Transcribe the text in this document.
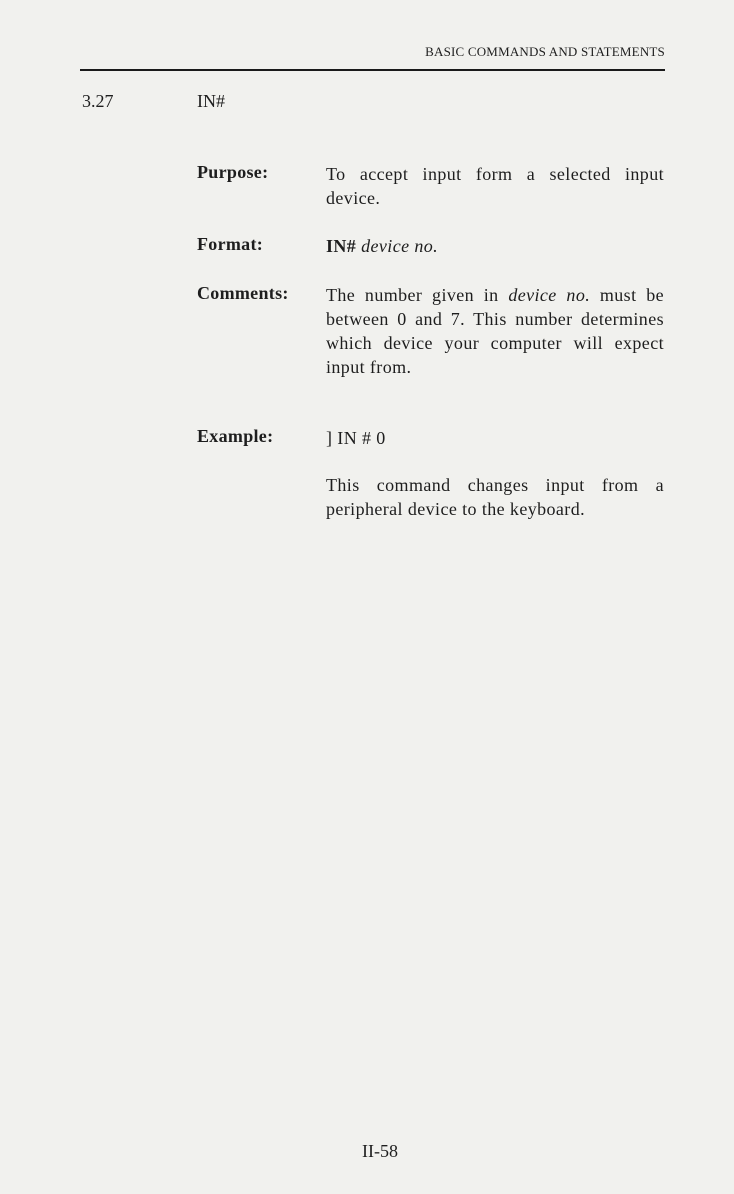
BASIC COMMANDS AND STATEMENTS
3.27	IN#
Purpose:	To accept input form a selected input device.
Format:	IN# device no.
Comments: The number given in device no. must be between 0 and 7. This number determines which device your computer will expect input from.
Example:	] IN # 0
This command changes input from a peripheral device to the keyboard.
II-58
